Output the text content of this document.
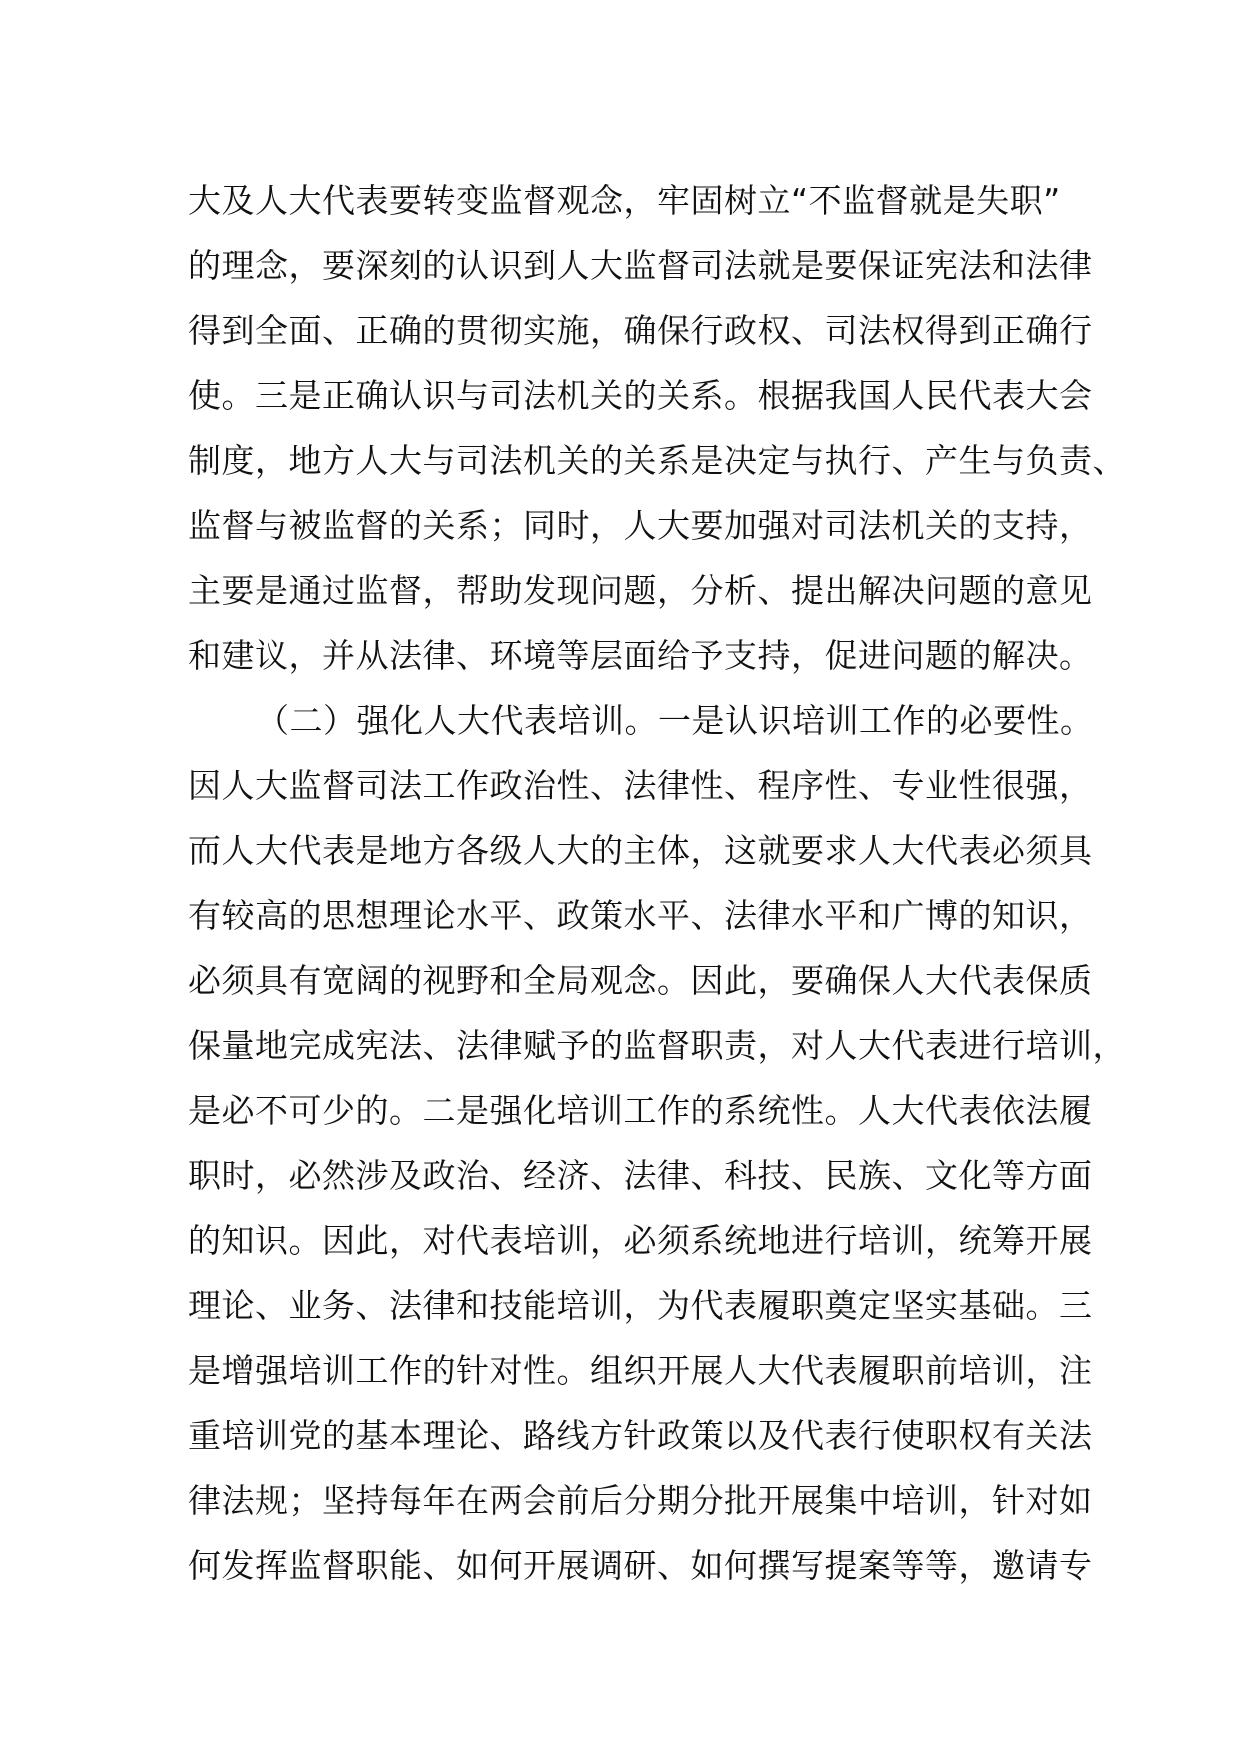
大及人大代表要转变监督观念，牢固树立“不监督就是失职”
的理念，要深刻的认识到人大监督司法就是要保证宪法和法律
得到全面、正确的贯彻实施，确保行政权、司法权得到正确行
使。三是正确认识与司法机关的关系。根据我国人民代表大会
制度，地方人大与司法机关的关系是决定与执行、产生与负责、
监督与被监督的关系；同时，人大要加强对司法机关的支持，
主要是通过监督，帮助发现问题，分析、提出解决问题的意见
和建议，并从法律、环境等层面给予支持，促进问题的解决。
（二）强化人大代表培训。一是认识培训工作的必要性。
因人大监督司法工作政治性、法律性、程序性、专业性很强，
而人大代表是地方各级人大的主体，这就要求人大代表必须具
有较高的思想理论水平、政策水平、法律水平和广博的知识，
必须具有宽阔的视野和全局观念。因此，要确保人大代表保质
保量地完成宪法、法律赋予的监督职责，对人大代表进行培训，
是必不可少的。二是强化培训工作的系统性。人大代表依法履
职时，必然涉及政治、经济、法律、科技、民族、文化等方面
的知识。因此，对代表培训，必须系统地进行培训，统筹开展
理论、业务、法律和技能培训，为代表履职奠定坚实基础。三
是增强培训工作的针对性。组织开展人大代表履职前培训，注
重培训党的基本理论、路线方针政策以及代表行使职权有关法
律法规；坚持每年在两会前后分期分批开展集中培训，针对如
何发挥监督职能、如何开展调研、如何撰写提案等等，邀请专
